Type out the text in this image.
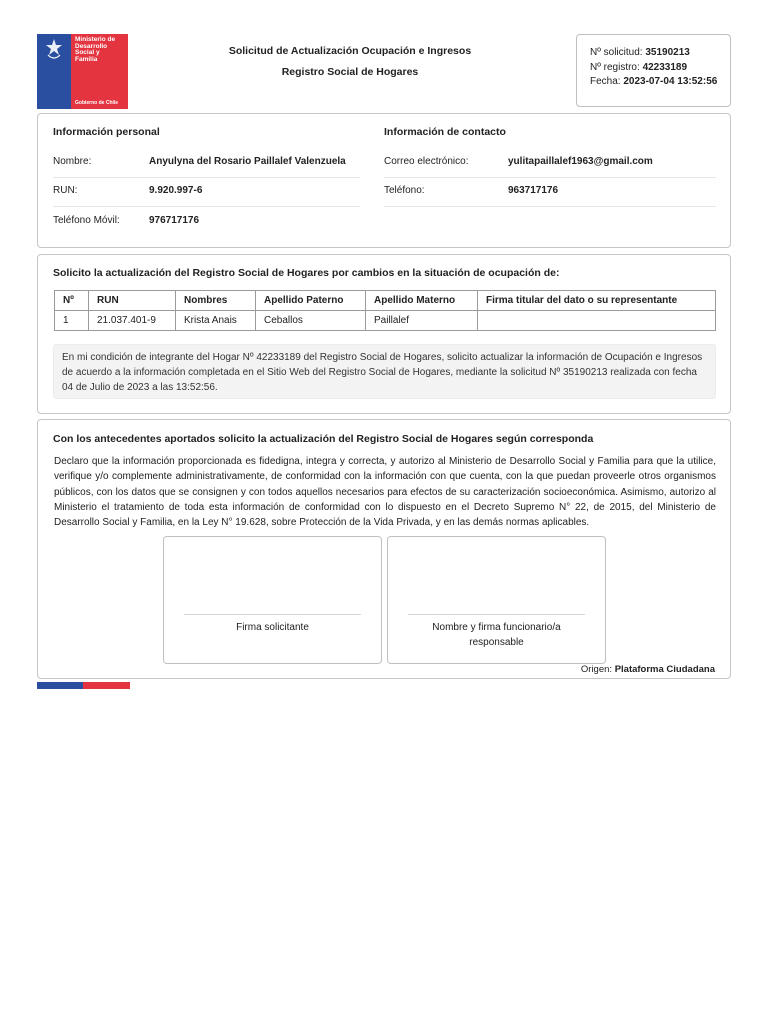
Ministerio de
Desarrollo
Social y
Familia
Gobierno de Chile
Solicitud de Actualización Ocupación e Ingresos
Registro Social de Hogares
Nº solicitud: 35190213
Nº registro: 42233189
Fecha: 2023-07-04 13:52:56
Información personal	Información de contacto
Nombre:	Anyulyna del Rosario Paillalef Valenzuela	Correo electrónico:	yulitapaillalef1963@gmail.com
RUN:	9.920.997-6	Teléfono:	963717176
Teléfono Móvil:	976717176
Solicito la actualización del Registro Social de Hogares por cambios en la situación de ocupación de:
Nº	RUN	Nombres	Apellido Paterno	Apellido Materno	Firma titular del dato o su representante
1	21.037.401-9	Krista Anais	Ceballos	Paillalef	
En mi condición de integrante del Hogar Nº 42233189 del Registro Social de Hogares, solicito actualizar la información de Ocupación e Ingresos de acuerdo a la información completada en el Sitio Web del Registro Social de Hogares, mediante la solicitud Nº 35190213 realizada con fecha 04 de Julio de 2023 a las 13:52:56.
Con los antecedentes aportados solicito la actualización del Registro Social de Hogares según corresponda
Declaro que la información proporcionada es fidedigna, integra y correcta, y autorizo al Ministerio de Desarrollo Social y Familia para que la utilice, verifique y/o complemente administrativamente, de conformidad con la información con que cuenta, con la que puedan proveerle otros organismos públicos, con los datos que se consignen y con todos aquellos necesarios para efectos de su caracterización socioeconómica. Asimismo, autorizo al Ministerio el tratamiento de toda esta información de conformidad con lo dispuesto en el Decreto Supremo N° 22, de 2015, del Ministerio de Desarrollo Social y Familia, en la Ley N° 19.628, sobre Protección de la Vida Privada, y en las demás normas aplicables.
Firma solicitante	Nombre y firma funcionario/a responsable
Origen: Plataforma Ciudadana
